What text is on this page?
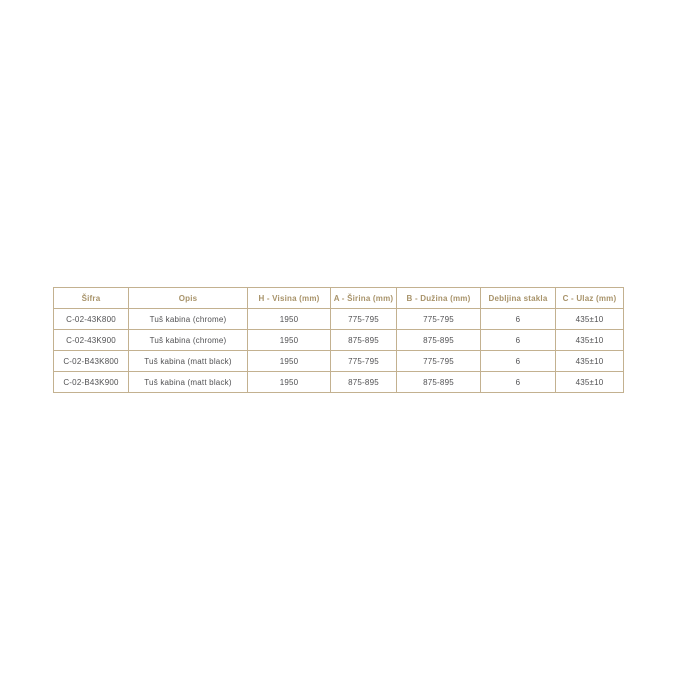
Šifra	Opis	H - Visina (mm)	A - Širina (mm)	B - Dužina (mm)	Debljina stakla	C - Ulaz (mm)
C-02-43K800	Tuš kabina (chrome)	1950	775-795	775-795	6	435±10
C-02-43K900	Tuš kabina (chrome)	1950	875-895	875-895	6	435±10
C-02-B43K800	Tuš kabina (matt black)	1950	775-795	775-795	6	435±10
C-02-B43K900	Tuš kabina (matt black)	1950	875-895	875-895	6	435±10
